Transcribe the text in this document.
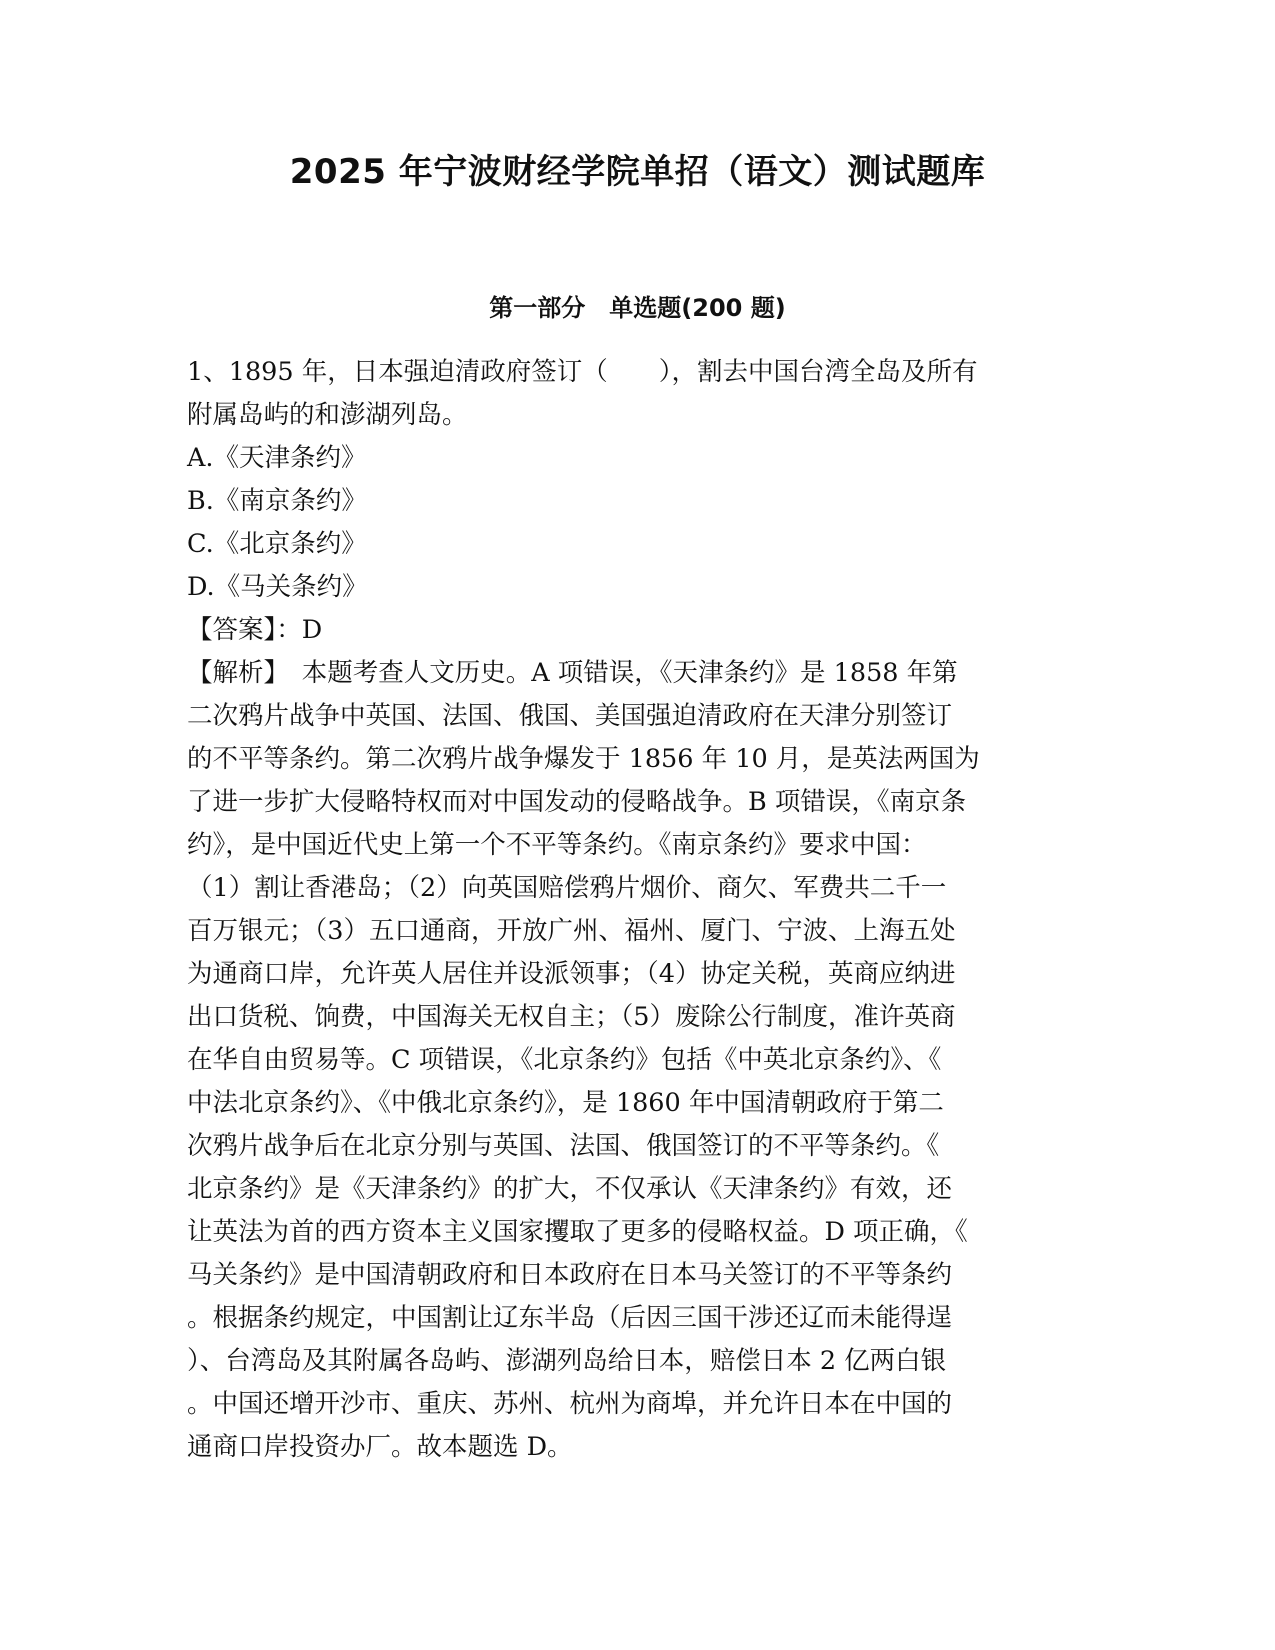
2025 年宁波财经学院单招（语文）测试题库
第一部分　单选题(200 题)
1、1895 年，日本强迫清政府签订（　　），割去中国台湾全岛及所有
附属岛屿的和澎湖列岛。
A.《天津条约》
B.《南京条约》
C.《北京条约》
D.《马关条约》
【答案】：D
【解析】　本题考查人文历史。A 项错误，《天津条约》是 1858 年第
二次鸦片战争中英国、法国、俄国、美国强迫清政府在天津分别签订
的不平等条约。第二次鸦片战争爆发于 1856 年 10 月，是英法两国为
了进一步扩大侵略特权而对中国发动的侵略战争。B 项错误，《南京条
约》，是中国近代史上第一个不平等条约。《南京条约》要求中国：
（1）割让香港岛；（2）向英国赔偿鸦片烟价、商欠、军费共二千一
百万银元；（3）五口通商，开放广州、福州、厦门、宁波、上海五处
为通商口岸，允许英人居住并设派领事；（4）协定关税，英商应纳进
出口货税、饷费，中国海关无权自主；（5）废除公行制度，准许英商
在华自由贸易等。C 项错误，《北京条约》包括《中英北京条约》、《
中法北京条约》、《中俄北京条约》，是 1860 年中国清朝政府于第二
次鸦片战争后在北京分别与英国、法国、俄国签订的不平等条约。《
北京条约》是《天津条约》的扩大，不仅承认《天津条约》有效，还
让英法为首的西方资本主义国家攫取了更多的侵略权益。D 项正确，《
马关条约》是中国清朝政府和日本政府在日本马关签订的不平等条约
。根据条约规定，中国割让辽东半岛（后因三国干涉还辽而未能得逞
）、台湾岛及其附属各岛屿、澎湖列岛给日本，赔偿日本 2 亿两白银
。中国还增开沙市、重庆、苏州、杭州为商埠，并允许日本在中国的
通商口岸投资办厂。故本题选 D。
